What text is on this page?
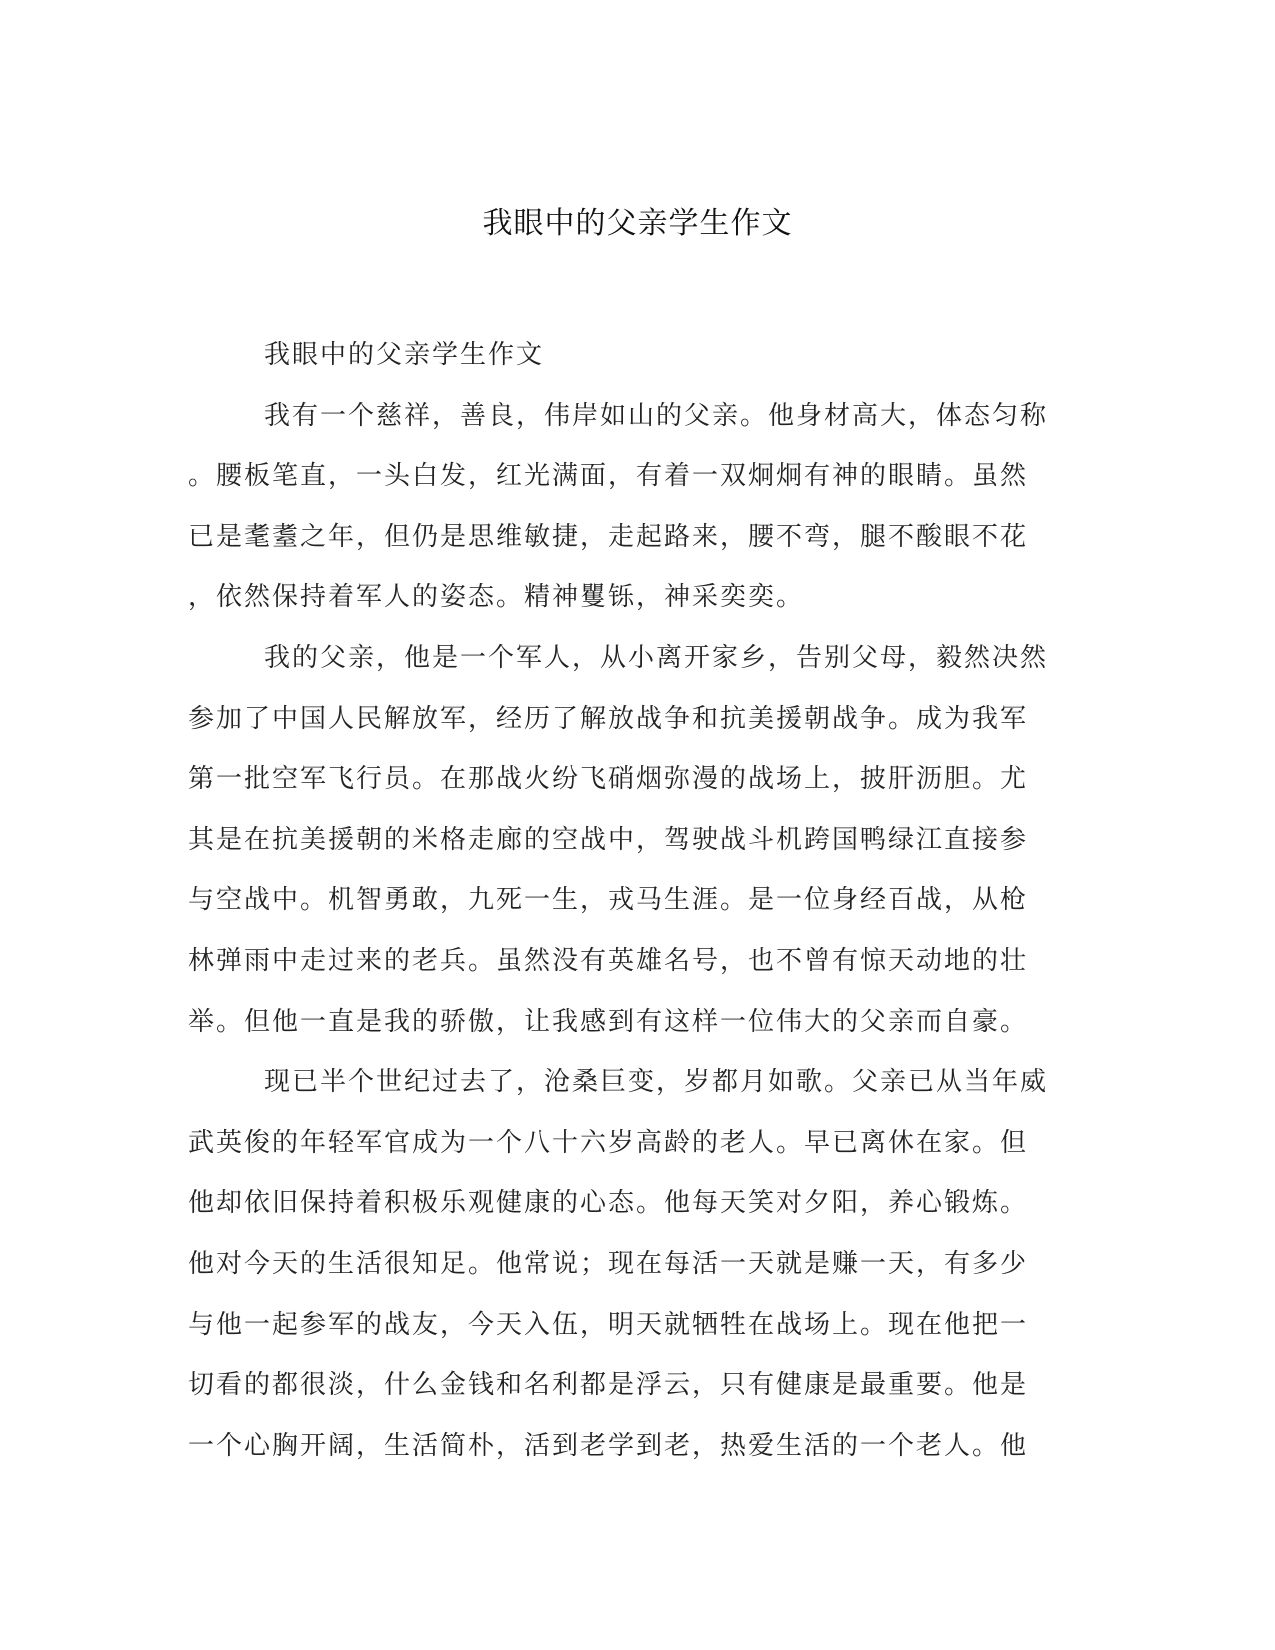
我眼中的父亲学生作文
我眼中的父亲学生作文
我有一个慈祥，善良，伟岸如山的父亲。他身材高大，体态匀称
。腰板笔直，一头白发，红光满面，有着一双炯炯有神的眼睛。虽然
已是耄耋之年，但仍是思维敏捷，走起路来，腰不弯，腿不酸眼不花
，依然保持着军人的姿态。精神矍铄，神采奕奕。
我的父亲，他是一个军人，从小离开家乡，告别父母，毅然决然
参加了中国人民解放军，经历了解放战争和抗美援朝战争。成为我军
第一批空军飞行员。在那战火纷飞硝烟弥漫的战场上，披肝沥胆。尤
其是在抗美援朝的米格走廊的空战中，驾驶战斗机跨国鸭绿江直接参
与空战中。机智勇敢，九死一生，戎马生涯。是一位身经百战，从枪
林弹雨中走过来的老兵。虽然没有英雄名号，也不曾有惊天动地的壮
举。但他一直是我的骄傲，让我感到有这样一位伟大的父亲而自豪。
现已半个世纪过去了，沧桑巨变，岁都月如歌。父亲已从当年威
武英俊的年轻军官成为一个八十六岁高龄的老人。早已离休在家。但
他却依旧保持着积极乐观健康的心态。他每天笑对夕阳，养心锻炼。
他对今天的生活很知足。他常说；现在每活一天就是赚一天，有多少
与他一起参军的战友，今天入伍，明天就牺牲在战场上。现在他把一
切看的都很淡，什么金钱和名利都是浮云，只有健康是最重要。他是
一个心胸开阔，生活简朴，活到老学到老，热爱生活的一个老人。他
